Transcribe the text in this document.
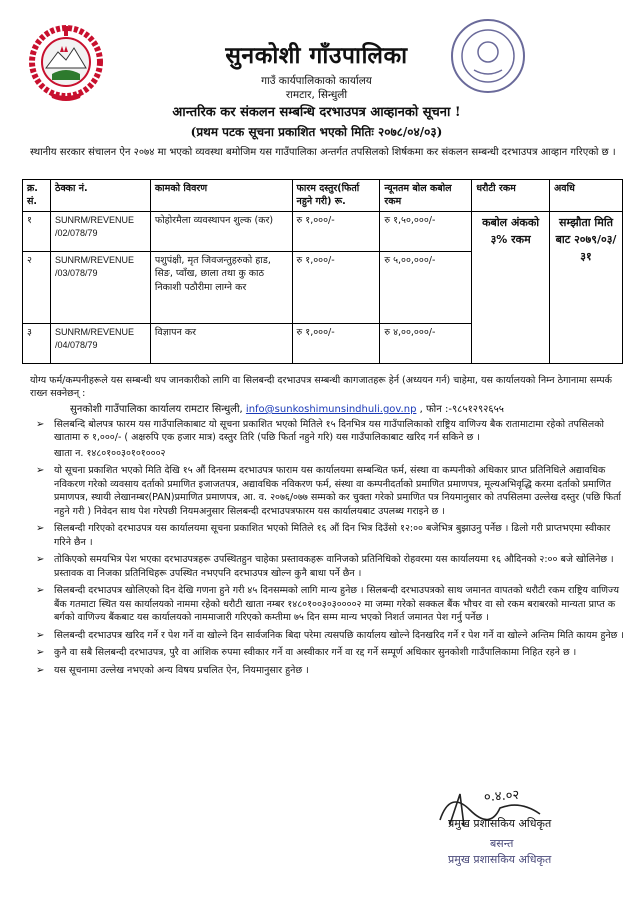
सुनकोशी गाँउपालिका
गाउँ कार्यपालिकाको कार्यालय
रामटार, सिन्धुली
आन्तरिक कर संकलन सम्बन्धि दरभाउपत्र आव्हानको सूचना !
(प्रथम पटक सूचना प्रकाशित भएको मितिः २०७८/०४/०३)
स्थानीय सरकार संचालन ऐन २०७४ मा भएको व्यवस्था बमोजिम यस गाउँपालिका अन्तर्गत तपसिलको शिर्षकमा कर संकलन सम्बन्धी दरभाउपत्र आव्हान गरिएको छ ।
क्र. सं.	ठेक्का नं.	कामको विवरण	फारम दस्तुर(फिर्ता नहुने गरी) रू.	न्यूनतम बोल कबोल रकम	धरौटी रकम	अवधि
१	SUNRM/REVENUE /02/078/79	फोहोरमैला व्यवस्थापन शुल्क (कर)	रु १,०००/-	रु १,५०,०००/-	कबोल अंकको ३% रकम	सम्झौता मिति बाट २०७९/०३/ ३१
२	SUNRM/REVENUE /03/078/79	पशुपंक्षी, मृत जिवजन्तुहरुको हाड, सिङ, प्वाँख, छाला तथा कु काठ निकाशी पठौरीमा लाग्ने कर	रु १,०००/-	रु ५,००,०००/-		
३	SUNRM/REVENUE /04/078/79	विज्ञापन कर	रु १,०००/-	रु ४,००,०००/-		
योग्य फर्म/कम्पनीहरूले यस सम्बन्धी थप जानकारीको लागि वा सिलबन्दी दरभाउपत्र सम्बन्धी कागजातहरू हेर्न (अध्ययन गर्न) चाहेमा, यस कार्यालयको निम्न ठेगानामा सम्पर्क राख्न सक्नेछन् :
सुनकोशी गाउँपालिका कार्यालय रामटार सिन्धुली, info@sunkoshimunsindhuli.gov.np , फोन :-९८५१२९२६५५
➢ सिलबन्दि बोलपत्र फारम यस गाउँपालिकाबाट यो सूचना प्रकाशित भएको मितिले १५ दिनभित्र यस गाउँपालिकाको राष्ट्रिय वाणिज्य बैक रातामाटामा रहेको तपसिलको खातामा रु १,०००/- ( अक्षरुपि एक हजार मात्र) दस्तुर तिरि (पछि फिर्ता नहुने गरि) यस गाउँपालिकाबाट खरिद गर्न सकिने छ ।
खाता न. १४८०१००३०१०१०००२
➢ यो सूचना प्रकाशित भएको मिति देखि १५ औं दिनसम्म दरभाउपत्र फाराम यस कार्यालयमा सम्बन्धित फर्म, संस्था वा कम्पनीको अधिकार प्राप्त प्रतिनिधिले अद्यावधिक नविकरण गरेको व्यवसाय दर्ताको प्रमाणित इजाजतपत्र, अद्यावधिक नविकरण फर्म, संस्था वा कम्पनीदर्ताको प्रमाणित प्रमाणपत्र, मूल्यअभिवृद्धि करमा दर्ताको प्रमाणित प्रमाणपत्र, स्थायी लेखानम्बर(PAN)प्रमाणित प्रमाणपत्र, आ. व. २०७६/०७७ सम्मको कर चुक्ता गरेको प्रमाणित पत्र नियमानुसार को तपसिलमा उल्लेख दस्तुर (पछि फिर्ता नहुने गरी ) निवेदन साथ पेश गरेपछी नियमअनुसार सिलबन्दी दरभाउपत्रफारम यस कार्यालयबाट उपलब्ध गराइने छ ।
➢ सिलबन्दी गरिएको दरभाउपत्र यस कार्यालयमा सूचना प्रकाशित भएको मितिले १६ औं दिन भित्र दिउँसो १२:०० बजेभित्र बुझाउनु पर्नेछ । ढिलो गरी प्राप्तभएमा स्वीकार गरिने छैन ।
➢ तोकिएको समयभित्र पेश भएका दरभाउपत्रहरू उपस्थितहुन चाहेका प्रस्तावकहरू वानिजको प्रतिनिधिको रोहवरमा यस कार्यालयमा १६ औदिनको २:०० बजे खोलिनेछ । प्रस्तावक वा निजका प्रतिनिधिहरू उपस्थित नभएपनि दरभाउपत्र खोल्न कुनै बाधा पर्ने छैन ।
➢ सिलबन्दी दरभाउपत्र खोलिएको दिन देखि गणना हुने गरी ४५ दिनसम्मको लागि मान्य हुनेछ । सिलबन्दी दरभाउपत्रको साथ जमानत वापतको धरौटी रकम राष्ट्रिय वाणिज्य बैंक गतमाटा स्थित यस कार्यालयको नाममा रहेको धरौटी खाता नम्बर १४८०१००३०३००००२ मा जम्मा गरेको सक्कल बैंक भौचर वा सो रकम बराबरको मान्यता प्राप्त क बर्गको वाणिज्य बैंकबाट यस कार्यालयको नाममाजारी गरिएको कम्तीमा ७५ दिन सम्म मान्य भएको निशर्त जमानत पेश गर्नु पर्नेछ ।
➢ सिलबन्दी दरभाउपत्र खरिद गर्ने र पेश गर्ने वा खोल्ने दिन सार्वजनिक बिदा परेमा त्यसपछि कार्यालय खोल्ने दिनखरिद गर्ने र पेश गर्ने वा खोल्ने अन्तिम मिति कायम हुनेछ ।
➢ कुनै वा सबै सिलबन्दी दरभाउपत्र, पुरै वा आंशिक रुपमा स्वीकार गर्ने वा अस्वीकार गर्ने वा रद्द गर्ने सम्पूर्ण अधिकार सुनकोशी गाउँपालिकामा निहित रहने छ ।
➢ यस सूचनामा उल्लेख नभएको अन्य विषय प्रचलित ऐन, नियमानुसार हुनेछ ।
०.४.०२
प्रमुख प्रशासकिय अधिकृत
बसन्त
प्रमुख प्रशासकिय अधिकृत
